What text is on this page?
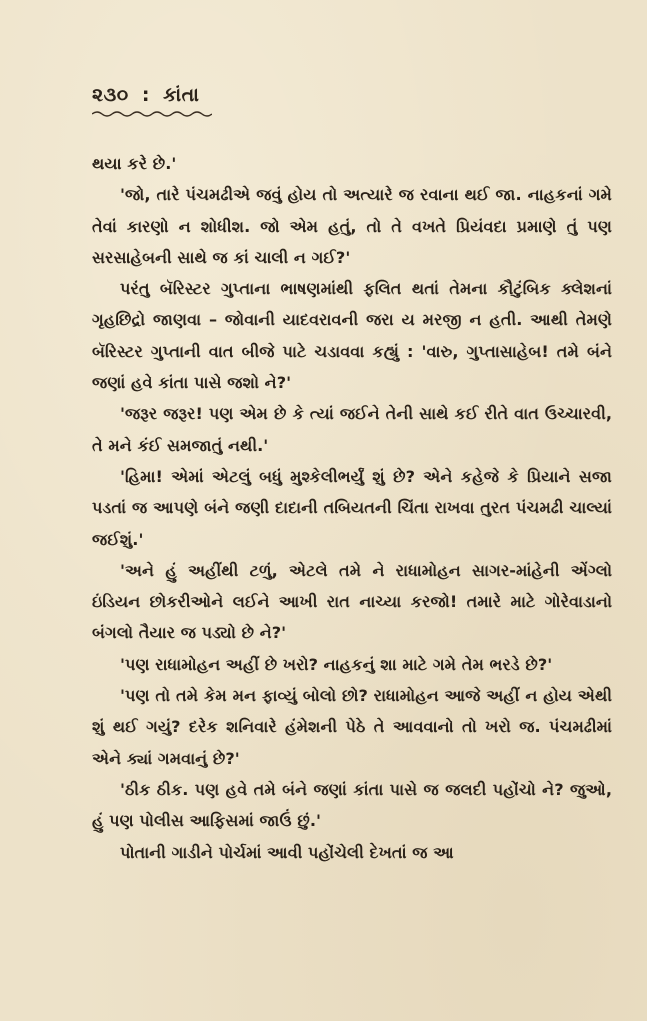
૨૩૦ : કાંતા

થયા કરે છે.'

'જો, તારે પંચમઢીએ જવું હોય તો અત્યારે જ રવાના થઈ જા. નાહકનાં ગમે તેવાં કારણો ન શોધીશ. જો એમ હતું, તો તે વખતે પ્રિયંવદા પ્રમાણે તું પણ સરસાહેબની સાથે જ કાં ચાલી ન ગઈ?'

પરંતુ બૅરિસ્ટર ગુપ્તાના ભાષણમાંથી ફલિત થતાં તેમના કૌટુંબિક ક્લેશનાં ગૃહછિદ્રો જાણવા – જોવાની યાદવરાવની જરા ય મરજી ન હતી. આથી તેમણે બૅરિસ્ટર ગુપ્તાની વાત બીજે પાટે ચડાવવા કહ્યું : 'વારુ, ગુપ્તાસાહેબ! તમે બંને જણાં હવે કાંતા પાસે જશો ને?'

'જરૂર જરૂર! પણ એમ છે કે ત્યાં જઈને તેની સાથે કઈ રીતે વાત ઉચ્ચારવી, તે મને કંઈ સમજાતું નથી.'

'હિમા! એમાં એટલું બધું મુશ્કેલીભર્યું શું છે? એને કહેજે કે પ્રિયાને સજા પડતાં જ આપણે બંને જણી દાદાની તબિયતની ચિંતા રાખવા તુરત પંચમઢી ચાલ્યાં જઈશું.'

'અને હું અહીંથી ટળું, એટલે તમે ને રાધામોહન સાગર-માંહેની એંગ્લો ઇંડિયન છોકરીઓને લઈને આખી રાત નાચ્યા કરજો! તમારે માટે ગોરેવાડાનો બંગલો તૈયાર જ પડ્યો છે ને?'

'પણ રાધામોહન અહીં છે ખરો? નાહકનું શા માટે ગમે તેમ ભરડે છે?'

'પણ તો તમે કેમ મન ફાવ્યું બોલો છો? રાધામોહન આજે અહીં ન હોય એથી શું થઈ ગયું? દરેક શનિવારે હંમેશની પેઠે તે આવવાનો તો ખરો જ. પંચમઢીમાં એને ક્યાં ગમવાનું છે?'

'ઠીક ઠીક. પણ હવે તમે બંને જણાં કાંતા પાસે જ જલદી પહોંચો ને? જુઓ, હું પણ પોલીસ આફિસમાં જાઉં છું.'

પોતાની ગાડીને પોર્ચમાં આવી પહોંચેલી દેખતાં જ આ
